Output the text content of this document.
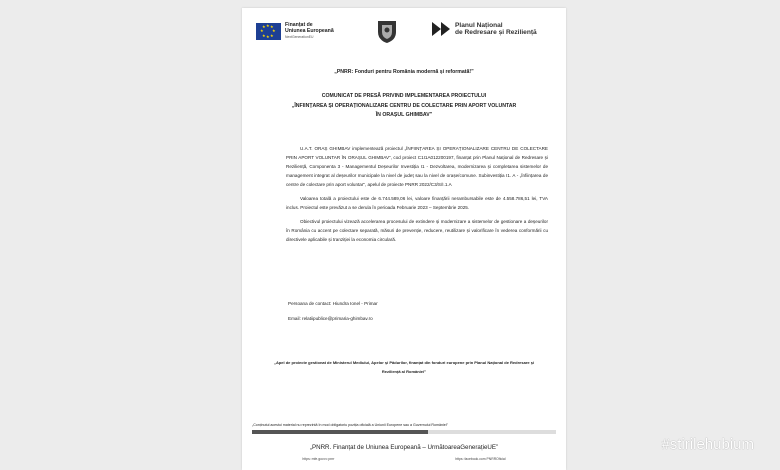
★ ★
★
★
★
★
★
★	Finanțat de
Uniunea Europeană
NextGenerationEU
Planul Național
de Redresare și Reziliență
„PNRR: Fonduri pentru România modernă și reformată!”
COMUNICAT DE PRESĂ PRIVIND IMPLEMENTAREA PROIECTULUI
„ÎNFIINȚAREA ȘI OPERAȚIONALIZARE CENTRU DE COLECTARE PRIN APORT VOLUNTAR
ÎN ORAȘUL GHIMBAV”

U.A.T. ORAȘ GHIMBAV implementează proiectul „ÎNFIINȚAREA ȘI OPERAȚIONALIZARE CENTRU DE COLECTARE PRIN APORT VOLUNTAR ÎN ORAȘUL GHIMBAV”, cod proiect C1I1A012200197, finanțat prin Planul Național de Redresare și Reziliență, Componenta 3 - Managementul Deșeurilor Investiția I1 - Dezvoltarea, modernizarea și completarea sistemelor de management integrat al deșeurilor municipale la nivel de județ sau la nivel de orașe/comune. Subinvestiția I1. A - „Înființarea de centre de colectare prin aport voluntar”, apelul de proiecte PNRR 2022/C3/S/I.1.A

Valoarea totală a proiectului este de 6.744.589,06 lei, valoare finanțării nerambursabile este de 4.558.786,51 lei, TVA inclus. Proiectul este prevăzut a se derula în perioada Februarie 2023 – Septembrie 2025.

Obiectivul proiectului vizează accelerarea procesului de extindere și modernizare a sistemelor de gestionare a deșeurilor în România cu accent pe colectare separată, măsuri de prevenție, reducere, reutilizare și valorificare în vederea conformării cu directivele aplicabile și tranziției la economia circulară.

Persoana de contact: Hiundra Ionel - Primar
Email: relatiipublice@primaria-ghimbav.ro
„Apel de proiecte gestionat de Ministerul Mediului, Apelor și Pădurilor, finanțat din fonduri europene prin Planul Național de Redresare și Reziliență al României”
„Conținutul acestui material nu reprezintă în mod obligatoriu poziția oficială a Uniunii Europene sau a Guvernului României”
„PNRR. Finanțat de Uniunea Europeană – UrmătoareaGenerațieUE”
https: mfe.gov.ro pnrr	https: facebook.com PNRROficial
#stirilehubium
